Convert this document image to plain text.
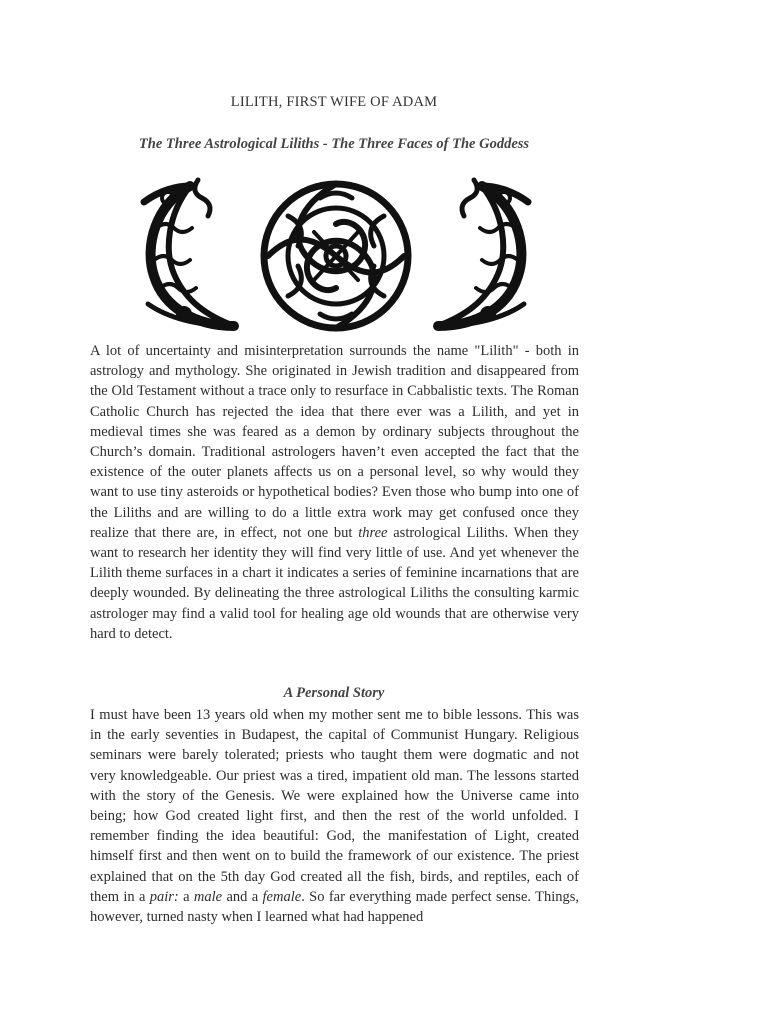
LILITH, FIRST WIFE OF ADAM
The Three Astrological Liliths - The Three Faces of The Goddess

A lot of uncertainty and misinterpretation surrounds the name "Lilith" - both in astrology and mythology. She originated in Jewish tradition and disappeared from the Old Testament without a trace only to resurface in Cabbalistic texts. The Roman Catholic Church has rejected the idea that there ever was a Lilith, and yet in medieval times she was feared as a demon by ordinary subjects throughout the Church’s domain. Traditional astrologers haven’t even accepted the fact that the existence of the outer planets affects us on a personal level, so why would they want to use tiny asteroids or hypothetical bodies? Even those who bump into one of the Liliths and are willing to do a little extra work may get confused once they realize that there are, in effect, not one but three astrological Liliths. When they want to research her identity they will find very little of use. And yet whenever the Lilith theme surfaces in a chart it indicates a series of feminine incarnations that are deeply wounded. By delineating the three astrological Liliths the consulting karmic astrologer may find a valid tool for healing age old wounds that are otherwise very hard to detect.

A Personal Story

I must have been 13 years old when my mother sent me to bible lessons. This was in the early seventies in Budapest, the capital of Communist Hungary. Religious seminars were barely tolerated; priests who taught them were dogmatic and not very knowledgeable. Our priest was a tired, impatient old man. The lessons started with the story of the Genesis. We were explained how the Universe came into being; how God created light first, and then the rest of the world unfolded. I remember finding the idea beautiful: God, the manifestation of Light, created himself first and then went on to build the framework of our existence. The priest explained that on the 5th day God created all the fish, birds, and reptiles, each of them in a pair: a male and a female. So far everything made perfect sense. Things, however, turned nasty when I learned what had happened
